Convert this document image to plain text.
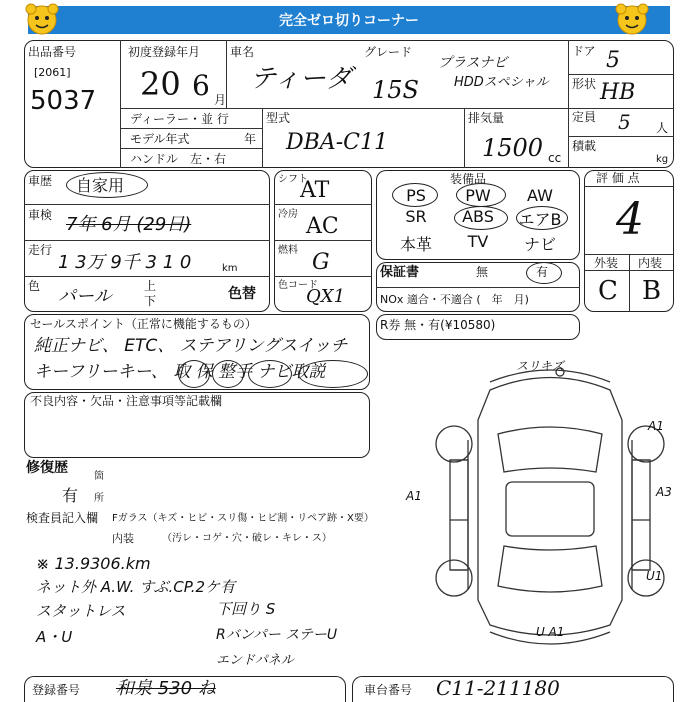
完全ゼロ切りコーナー
出品番号
[2061]
5037
初度登録年月
20 6 月
車名
ティーダ
グレード
15S
プラスナビ
HDDスペシャル
ドア 5
形状 HB
定員 5 人
積載
kg
ディーラー・並 行
モデル年式
ハンドル　左・右
年
型式
DBA-C11
排気量
1500 cc
車歴 自家用
車検 7年 6月 (29日)
走行
1 3万 9千 3 1 0	km
色 パール	上
下	色替
シフト
AT
冷房 AC
燃料 G
色コード
QX1
装備品
PS	PW	AW
SR	ABS	エアB
本革	TV	ナビ
保証書	無	有
NOx 適合・不適合 (　年　月)
R券 無・有(¥10580)
評 価 点
4
外装 内装
C B
セールスポイント（正常に機能するもの）
純正ナビ、 ETC、 ステアリングスイッチ
キーフリーキー、 取 保 整手 ナビ取説
不良内容・欠品・注意事項等記載欄
修復歴
有
箇
所
検査員記入欄 Fガラス（キズ・ヒビ・スリ傷・ヒビ割・リペア跡・X要）
内装	（汚レ・コゲ・穴・破レ・キレ・ス）
※ 13.9306.km
ネット外 A.W. すぶ.CP.2ケ有
スタットレス
A・U
下回り S
Rバンパー ステーU
エンドパネル
スリキズ
A1
A1	A3
U1
U A1
登録番号 和泉 530 ね	車台番号 C11-211180
